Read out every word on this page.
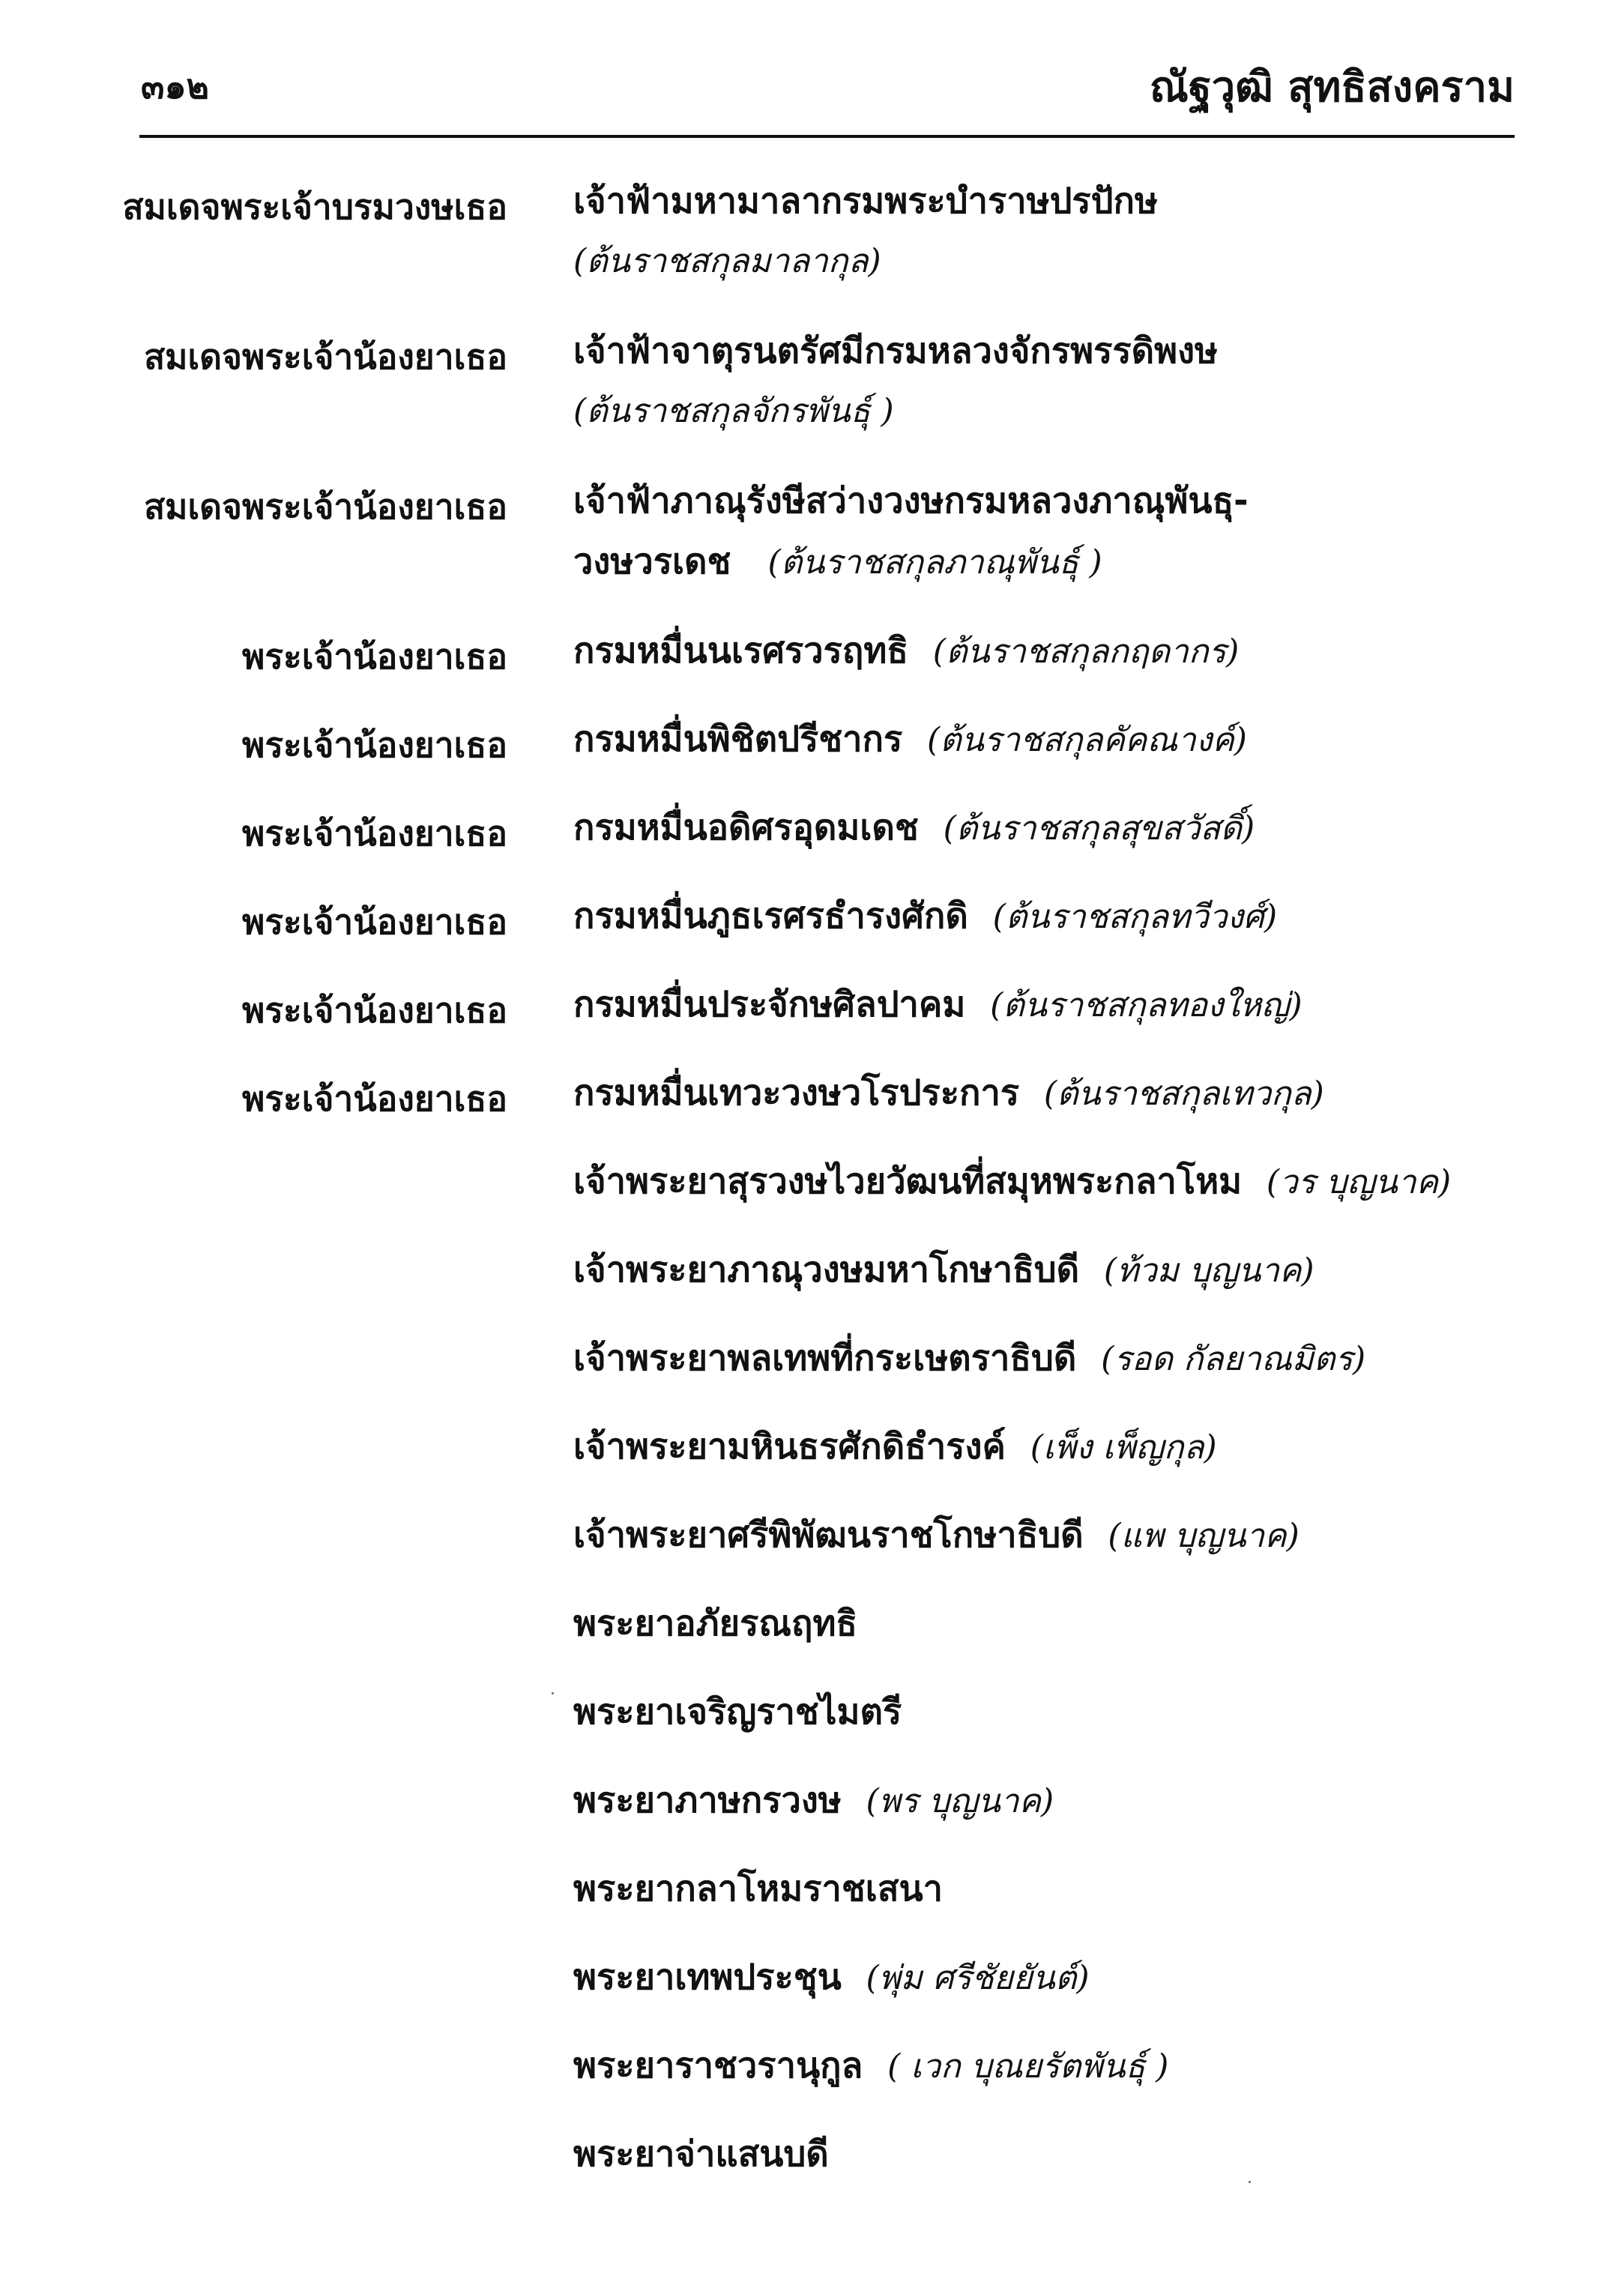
๓๑๒	ณัฐวุฒิ สุทธิสงคราม
สมเดจพระเจ้าบรมวงษเธอ เจ้าฟ้ามหามาลากรมพระบำราษปรปักษ
(ต้นราชสกุลมาลากุล)
สมเดจพระเจ้าน้องยาเธอ เจ้าฟ้าจาตุรนตรัศมีกรมหลวงจักรพรรดิพงษ
(ต้นราชสกุลจักรพันธุ์ )
สมเดจพระเจ้าน้องยาเธอ เจ้าฟ้าภาณุรังษีสว่างวงษกรมหลวงภาณุพันธุ-
วงษวรเดช (ต้นราชสกุลภาณุพันธุ์ )
พระเจ้าน้องยาเธอ กรมหมื่นนเรศรวรฤทธิ (ต้นราชสกุลกฤดากร)
พระเจ้าน้องยาเธอ กรมหมื่นพิชิตปรีชากร (ต้นราชสกุลคัคณางค์)
พระเจ้าน้องยาเธอ กรมหมื่นอดิศรอุดมเดช (ต้นราชสกุลสุขสวัสดิ์)
พระเจ้าน้องยาเธอ กรมหมื่นภูธเรศรธำรงศักดิ (ต้นราชสกุลทวีวงศ์)
พระเจ้าน้องยาเธอ กรมหมื่นประจักษศิลปาคม (ต้นราชสกุลทองใหญ่)
พระเจ้าน้องยาเธอ กรมหมื่นเทวะวงษวโรประการ (ต้นราชสกุลเทวกุล)
เจ้าพระยาสุรวงษไวยวัฒนที่สมุหพระกลาโหม (วร บุญนาค)
เจ้าพระยาภาณุวงษมหาโกษาธิบดี (ท้วม บุญนาค)
เจ้าพระยาพลเทพที่กระเษตราธิบดี (รอด กัลยาณมิตร)
เจ้าพระยามหินธรศักดิธำรงค์ (เพ็ง เพ็ญกุล)
เจ้าพระยาศรีพิพัฒนราชโกษาธิบดี (แพ บุญนาค)
พระยาอภัยรณฤทธิ
พระยาเจริญราชไมตรี
พระยาภาษกรวงษ (พร บุญนาค)
พระยากลาโหมราชเสนา
พระยาเทพประชุน (พุ่ม ศรีชัยยันต์)
พระยาราชวรานุกูล ( เวก บุณยรัตพันธุ์ )
พระยาจ่าแสนบดี
